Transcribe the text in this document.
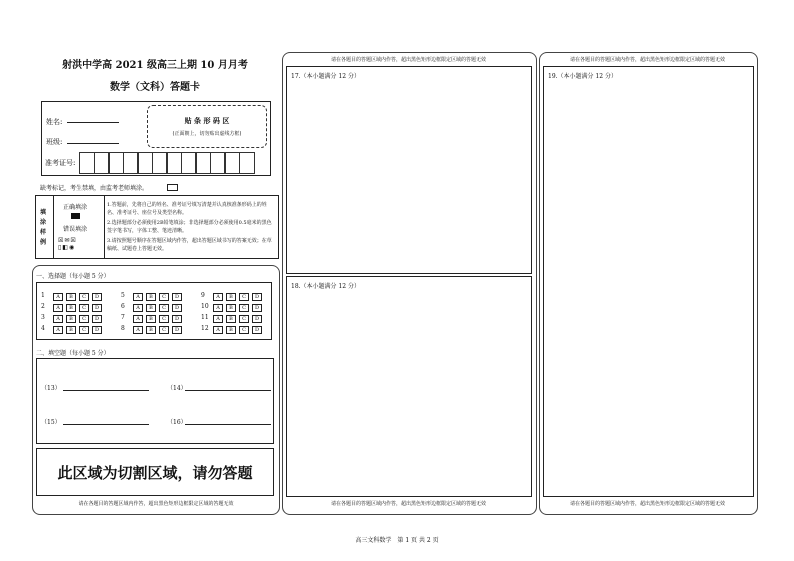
射洪中学高 2021 级高三上期 10 月月考
数学（文科）答题卡
姓名:
班级:
准考证号:
贴 条 形 码 区
(正面朝上，切勿贴出虚线方框)
缺考标记，考生禁填，由监考老师填涂。
填涂样例
正确填涂
错误填涂
☒✉☒
▯◧◉
1.答题前，先将自己的姓名、准考证号填写清楚并认真核准条形码上的姓名、准考证号、座位号及类型名称。
2.选择题部分必须使用2B铅笔填涂；非选择题部分必须使用0.5毫米的黑色签字笔书写，字体工整、笔迹清晰。
3.请按照题号顺序在答题区域内作答，超出答题区域书写的答案无效；在草稿纸、试题卷上答题无效。
一、选择题（每小题 5 分）
1	A	B	C	D
2	A	B	C	D
3	A	B	C	D
4	A	B	C	D
5	A	B	C	D
6	A	B	C	D
7	A	B	C	D
8	A	B	C	D
9	A	B	C	D
10	A	B	C	D
11	A	B	C	D
12	A	B	C	D
二、填空题（每小题 5 分）
（13）	（14）
（15）	（16）
此区域为切割区域，请勿答题
请在各题目的答题区域内作答，超出黑色矩形边框限定区域的答题无效
请在各题目的答题区域内作答，超出黑色矩形边框限定区域的答题无效
17.（本小题满分 12 分）
18.（本小题满分 12 分）
请在各题目的答题区域内作答，超出黑色矩形边框限定区域的答题无效
请在各题目的答题区域内作答，超出黑色矩形边框限定区域的答题无效
19.（本小题满分 12 分）
请在各题目的答题区域内作答，超出黑色矩形边框限定区域的答题无效
高三文科数学　第 1 页 共 2 页
